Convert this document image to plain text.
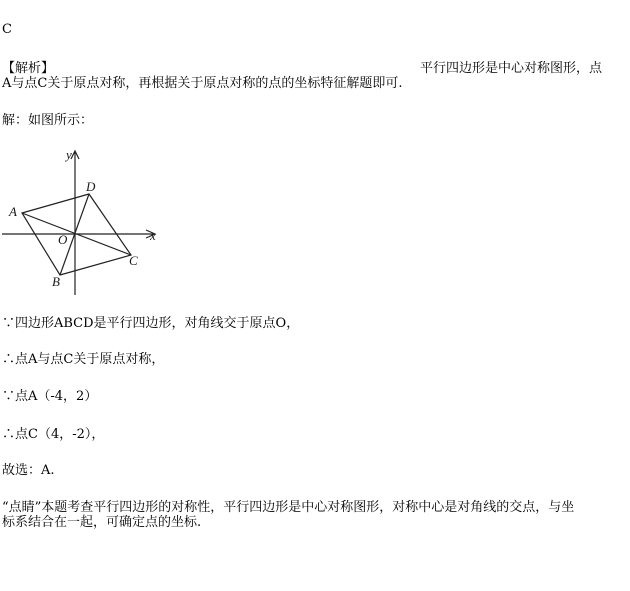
C
【解析】	平行四边形是中心对称图形，点
A与点C关于原点对称，再根据关于原点对称的点的坐标特征解题即可.
解：如图所示：
y
x
A
D
O
C
B
∵四边形ABCD是平行四边形，对角线交于原点O，
∴点A与点C关于原点对称，
∵点A（-4，2）
∴点C（4，-2），
故选：A.
“点睛”本题考查平行四边形的对称性，平行四边形是中心对称图形，对称中心是对角线的交点，与坐
标系结合在一起，可确定点的坐标.
